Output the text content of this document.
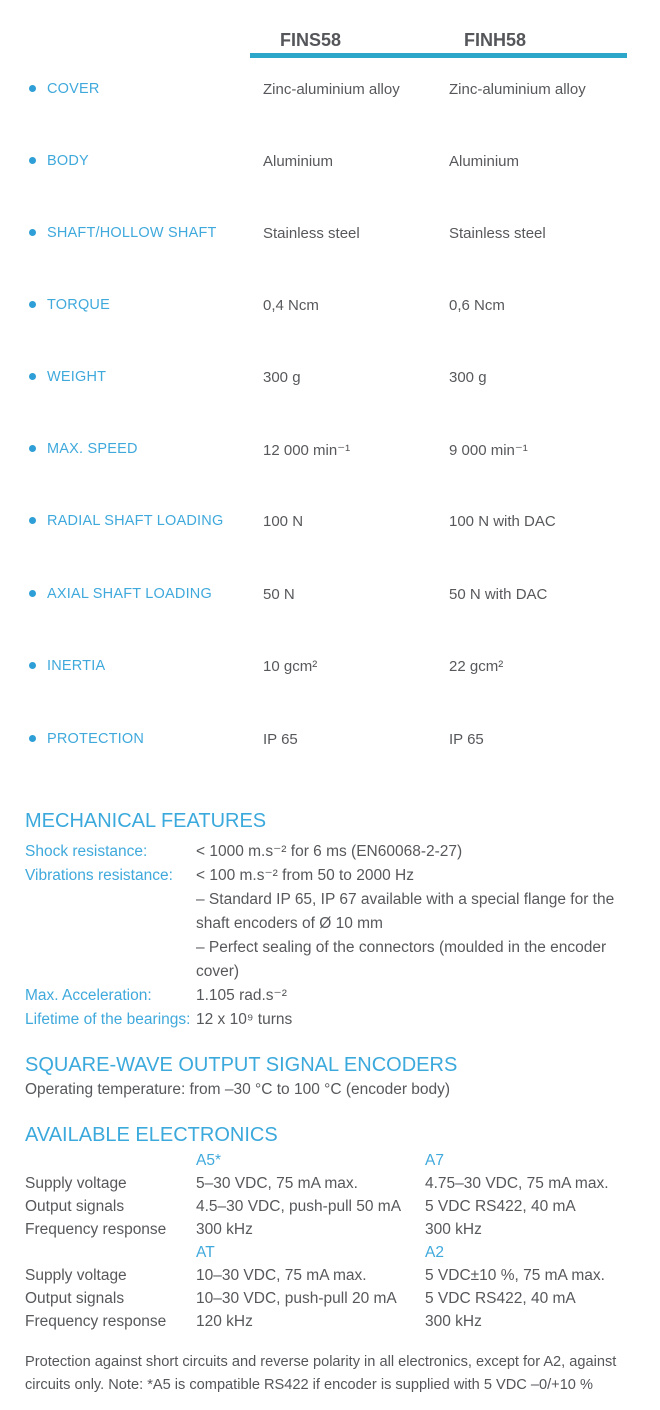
FINS58	FINH58
COVER	Zinc-aluminium alloy	Zinc-aluminium alloy
BODY	Aluminium	Aluminium
SHAFT/HOLLOW SHAFT	Stainless steel	Stainless steel
TORQUE	0,4 Ncm	0,6 Ncm
WEIGHT	300 g	300 g
MAX. SPEED	12 000 min⁻¹	9 000 min⁻¹
RADIAL SHAFT LOADING	100 N	100 N with DAC
AXIAL SHAFT LOADING	50 N	50 N with DAC
INERTIA	10 gcm²	22 gcm²
PROTECTION	IP 65	IP 65
MECHANICAL FEATURES
Shock resistance:	< 1000 m.s⁻² for 6 ms (EN60068-2-27)
Vibrations resistance:	< 100 m.s⁻² from 50 to 2000 Hz
– Standard IP 65, IP 67 available with a special flange for the shaft encoders of Ø 10 mm
– Perfect sealing of the connectors (moulded in the encoder cover)
Max. Acceleration:	1.105 rad.s⁻²
Lifetime of the bearings: 12 x 10⁹ turns
SQUARE-WAVE OUTPUT SIGNAL ENCODERS
Operating temperature: from –30 °C to 100 °C (encoder body)
AVAILABLE ELECTRONICS
A5*	A7
Supply voltage	5–30 VDC, 75 mA max.	4.75–30 VDC, 75 mA max.
Output signals	4.5–30 VDC, push-pull 50 mA	5 VDC RS422, 40 mA
Frequency response	300 kHz	300 kHz
AT	A2
Supply voltage	10–30 VDC, 75 mA max.	5 VDC±10 %, 75 mA max.
Output signals	10–30 VDC, push-pull 20 mA	5 VDC RS422, 40 mA
Frequency response	120 kHz	300 kHz
Protection against short circuits and reverse polarity in all electronics, except for A2, against circuits only. Note: *A5 is compatible RS422 if encoder is supplied with 5 VDC –0/+10 %
